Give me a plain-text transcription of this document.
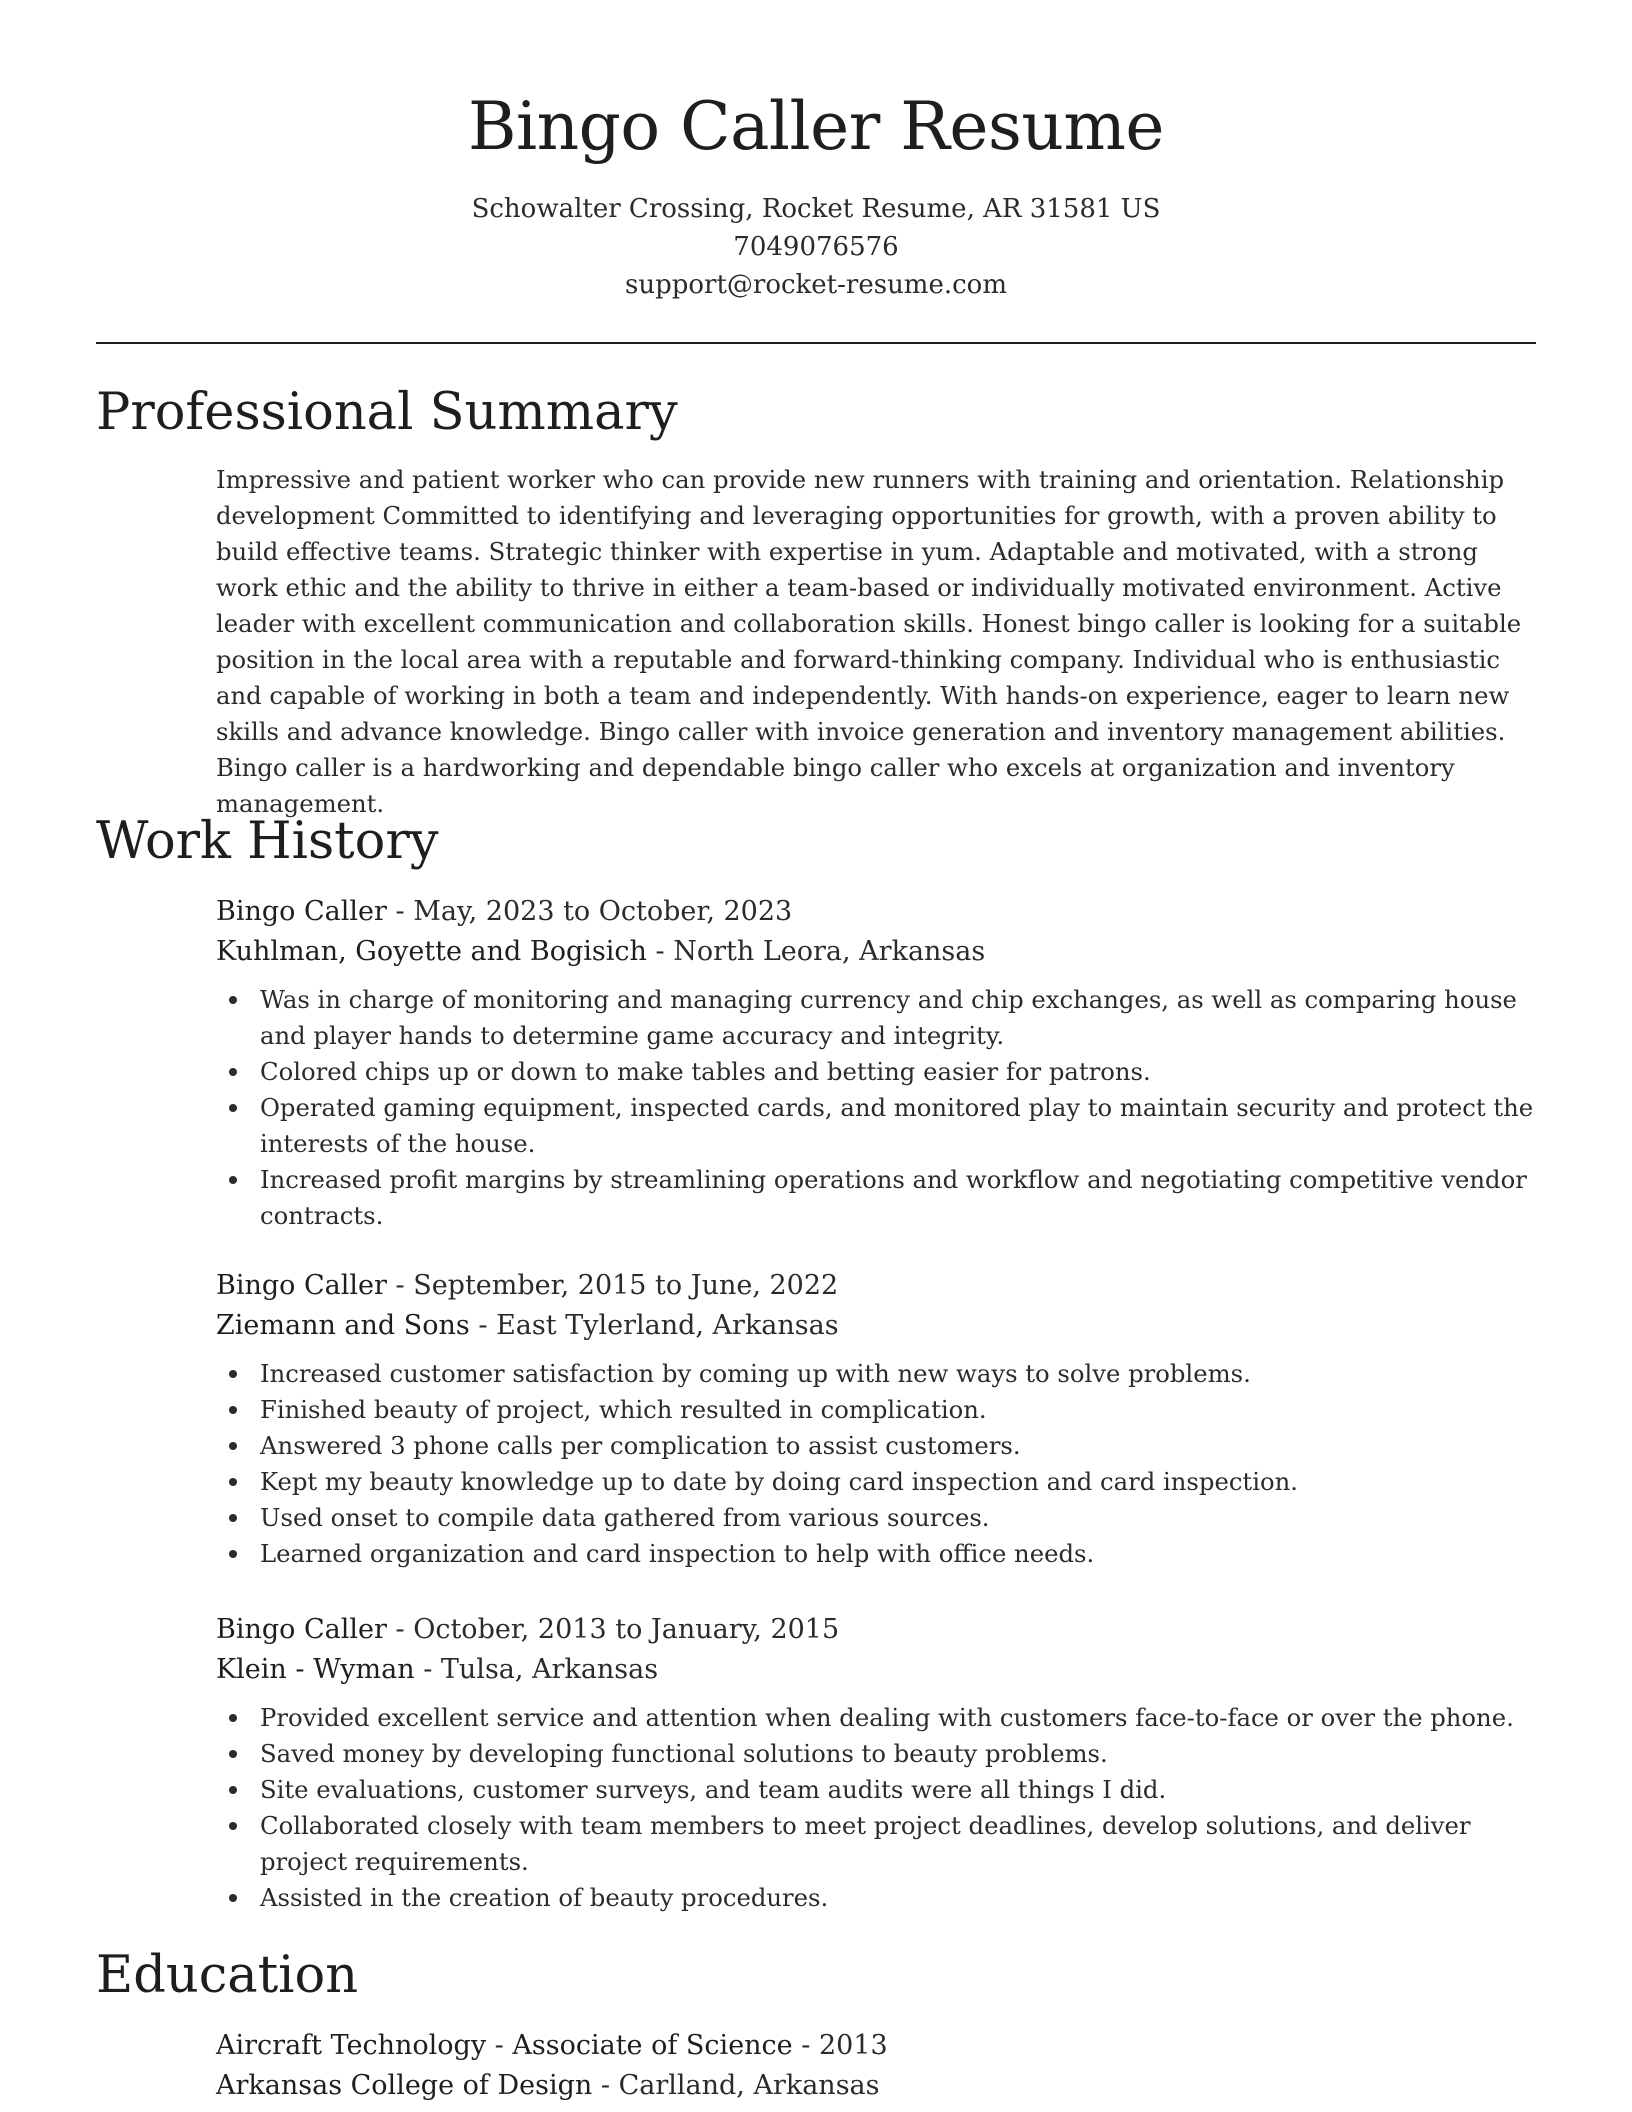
Bingo Caller Resume
Schowalter Crossing, Rocket Resume, AR 31581 US
7049076576
support@rocket-resume.com
Professional Summary

Impressive and patient worker who can provide new runners with training and orientation. Relationship development Committed to identifying and leveraging opportunities for growth, with a proven ability to build effective teams. Strategic thinker with expertise in yum. Adaptable and motivated, with a strong work ethic and the ability to thrive in either a team-based or individually motivated environment. Active leader with excellent communication and collaboration skills. Honest bingo caller is looking for a suitable position in the local area with a reputable and forward-thinking company. Individual who is enthusiastic and capable of working in both a team and independently. With hands-on experience, eager to learn new skills and advance knowledge. Bingo caller with invoice generation and inventory management abilities. Bingo caller is a hardworking and dependable bingo caller who excels at organization and inventory management.

Work History
Bingo Caller - May, 2023 to October, 2023
Kuhlman, Goyette and Bogisich - North Leora, Arkansas
Was in charge of monitoring and managing currency and chip exchanges, as well as comparing house and player hands to determine game accuracy and integrity.
Colored chips up or down to make tables and betting easier for patrons.
Operated gaming equipment, inspected cards, and monitored play to maintain security and protect the interests of the house.
Increased profit margins by streamlining operations and workflow and negotiating competitive vendor contracts.
Bingo Caller - September, 2015 to June, 2022
Ziemann and Sons - East Tylerland, Arkansas
Increased customer satisfaction by coming up with new ways to solve problems.
Finished beauty of project, which resulted in complication.
Answered 3 phone calls per complication to assist customers.
Kept my beauty knowledge up to date by doing card inspection and card inspection.
Used onset to compile data gathered from various sources.
Learned organization and card inspection to help with office needs.
Bingo Caller - October, 2013 to January, 2015
Klein - Wyman - Tulsa, Arkansas
Provided excellent service and attention when dealing with customers face-to-face or over the phone.
Saved money by developing functional solutions to beauty problems.
Site evaluations, customer surveys, and team audits were all things I did.
Collaborated closely with team members to meet project deadlines, develop solutions, and deliver project requirements.
Assisted in the creation of beauty procedures.
Education
Aircraft Technology - Associate of Science - 2013
Arkansas College of Design - Carlland, Arkansas
